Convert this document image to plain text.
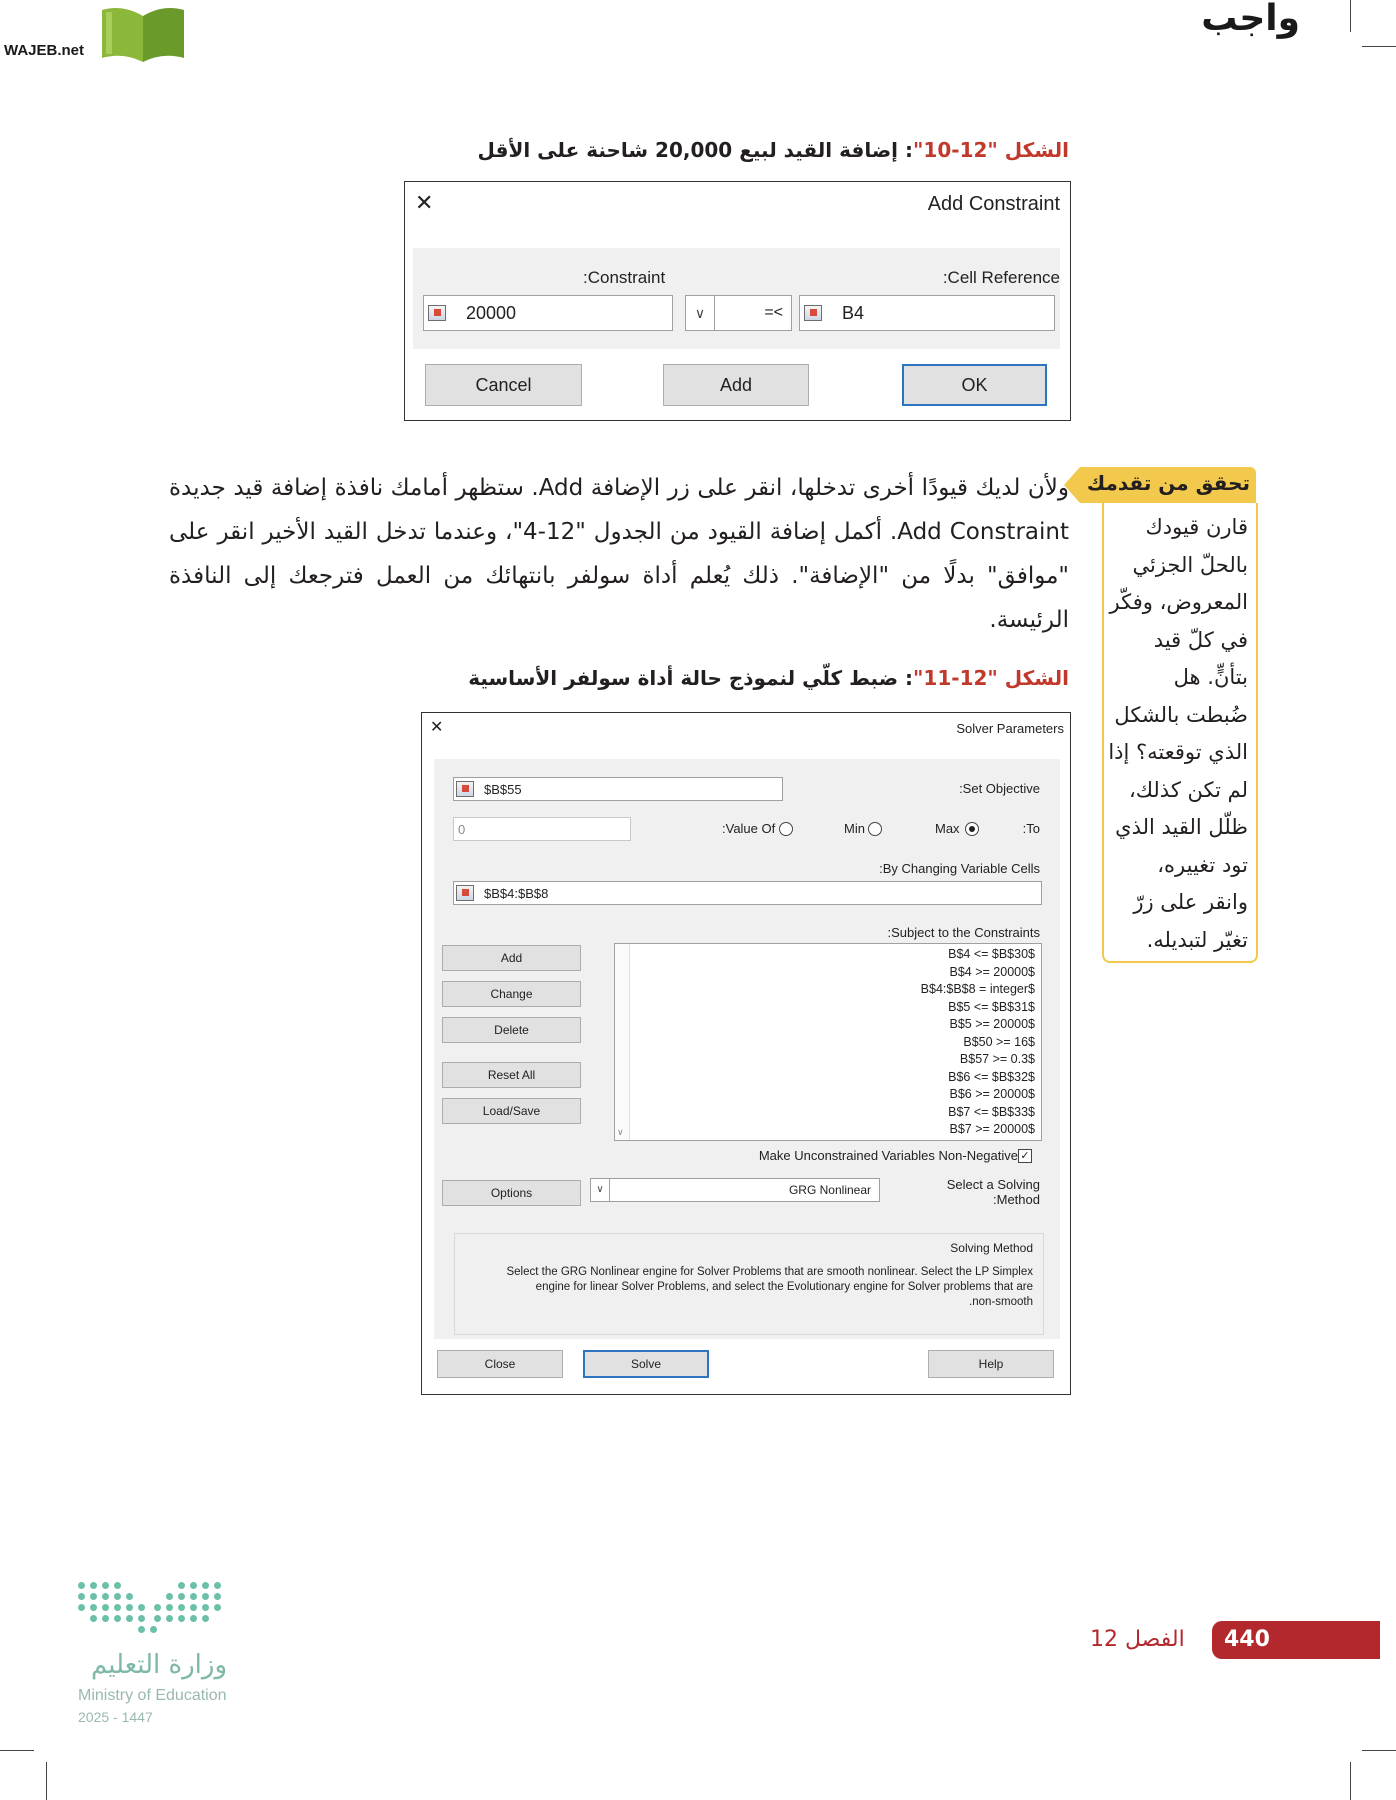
واجب
WAJEB.net
الشكل "12-10": إضافة القيد لبيع 20,000 شاحنة على الأقل
Add Constraint
✕
:Cell Reference
:Constraint
20000	∨	=<	B4
Cancel	Add	OK
ولأن لديك قيودًا أخرى تدخلها، انقر على زر الإضافة Add. ستظهر أمامك نافذة إضافة قيد جديدة Add Constraint. أكمل إضافة القيود من الجدول "12-4"، وعندما تدخل القيد الأخير انقر على "موافق" بدلًا من "الإضافة". ذلك يُعلم أداة سولفر بانتهائك من العمل فترجعك إلى النافذة الرئيسة.
تحقق من تقدمك
قارن قيودك بالحلّ الجزئي المعروض، وفكّر في كلّ قيد بتأنٍّ. هل ضُبطت بالشكل الذي توقعته؟ إذا لم تكن كذلك، ظلّل القيد الذي تود تغييره، وانقر على زرّ تغيّر لتبديله.
الشكل "12-11": ضبط كلّي لنموذج حالة أداة سولفر الأساسية
Solver Parameters
✕
:Set Objective
$B$55
:To
Max
Min
:Value Of
0
:By Changing Variable Cells
$B$4:$B$8
:Subject to the Constraints
∨
B$4 <= $B$30$
B$4 >= 20000$
B$4:$B$8 = integer$
B$5 <= $B$31$
B$5 >= 20000$
B$50 >= 16$
B$57 >= 0.3$
B$6 <= $B$32$
B$6 >= 20000$
B$7 <= $B$33$
B$7 >= 20000$
Add
Change
Delete
Reset All
Load/Save
✓
Make Unconstrained Variables Non-Negative
Select a Solving
:Method
∨	GRG Nonlinear
Options
Solving Method
Select the GRG Nonlinear engine for Solver Problems that are smooth nonlinear. Select the LP Simplex
engine for linear Solver Problems, and select the Evolutionary engine for Solver problems that are
.non-smooth
Close	Solve	Help
440
الفصل 12
وزارة التعليم
Ministry of Education
2025 - 1447
